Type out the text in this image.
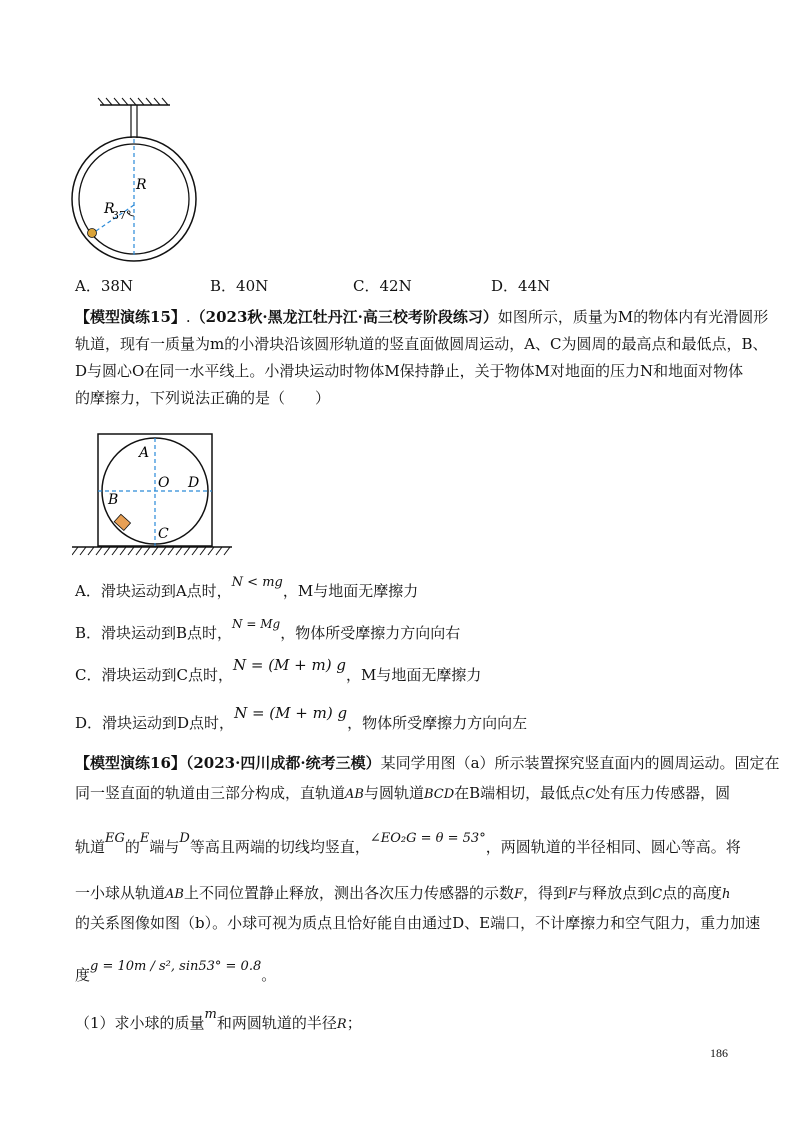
R
R
37°
A．38N	B．40N	C．42N	D．44N
【模型演练15】.（2023秋·黑龙江牡丹江·高三校考阶段练习）如图所示，质量为M的物体内有光滑圆形
轨道，现有一质量为m的小滑块沿该圆形轨道的竖直面做圆周运动，A、C为圆周的最高点和最低点，B、
D与圆心O在同一水平线上。小滑块运动时物体M保持静止，关于物体M对地面的压力N和地面对物体
的摩擦力，下列说法正确的是（　　）
A
O D
B
C
A．滑块运动到A点时，N < mg，M与地面无摩擦力
B．滑块运动到B点时，N = Mg，物体所受摩擦力方向向右
C．滑块运动到C点时，N = (M + m) g，M与地面无摩擦力
D．滑块运动到D点时，N = (M + m) g，物体所受摩擦力方向向左
【模型演练16】（2023·四川成都·统考三模）某同学用图（a）所示装置探究竖直面内的圆周运动。固定在
同一竖直面的轨道由三部分构成，直轨道AB与圆轨道BCD在B端相切，最低点C处有压力传感器，圆
轨道EG的E端与D等高且两端的切线均竖直，∠EO₂G = θ = 53°，两圆轨道的半径相同、圆心等高。将
一小球从轨道AB上不同位置静止释放，测出各次压力传感器的示数F，得到F与释放点到C点的高度h
的关系图像如图（b）。小球可视为质点且恰好能自由通过D、E端口，不计摩擦力和空气阻力，重力加速
度g = 10m / s², sin53° = 0.8。
（1）求小球的质量m和两圆轨道的半径R；
186
